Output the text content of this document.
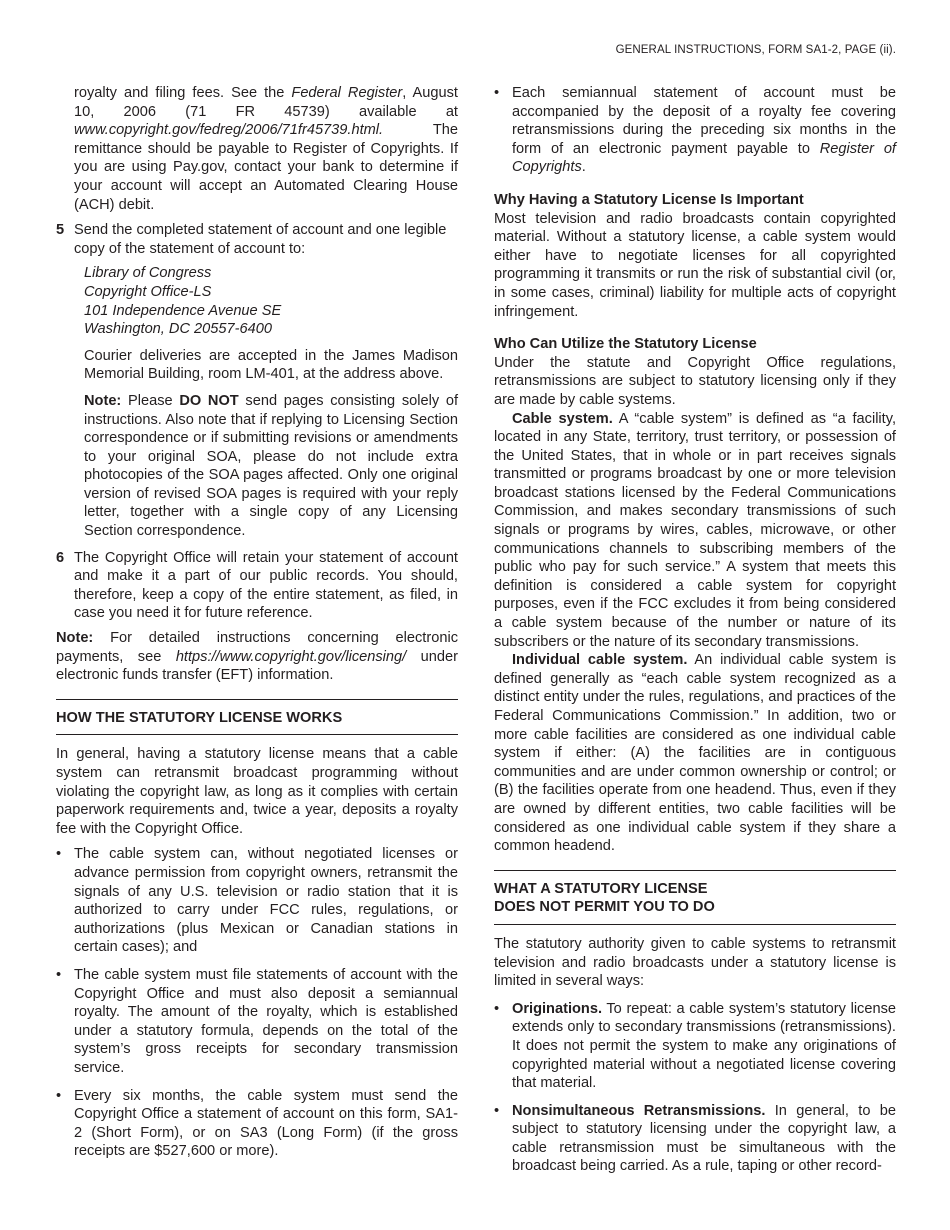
GENERAL INSTRUCTIONS, FORM SA1-2, PAGE (ii).

royalty and filing fees. See the Federal Register, August 10, 2006 (71 FR 45739) available at www.copyright.gov/fedreg/2006/71fr45739.html. The remittance should be payable to Register of Copyrights. If you are using Pay.gov, contact your bank to determine if your account will accept an Automated Clearing House (ACH) debit.

5 Send the completed statement of account and one legible copy of the statement of account to:

Library of Congress
Copyright Office-LS
101 Independence Avenue SE
Washington, DC 20557-6400

Courier deliveries are accepted in the James Madison Memorial Building, room LM-401, at the address above.

Note: Please DO NOT send pages consisting solely of instructions. Also note that if replying to Licensing Section correspondence or if submitting revisions or amendments to your original SOA, please do not include extra photocopies of the SOA pages affected. Only one original version of revised SOA pages is required with your reply letter, together with a single copy of any Licensing Section correspondence.

6 The Copyright Office will retain your statement of account and make it a part of our public records. You should, therefore, keep a copy of the entire statement, as filed, in case you need it for future reference.

Note: For detailed instructions concerning electronic payments, see https://www.copyright.gov/licensing/ under electronic funds transfer (EFT) information.

HOW THE STATUTORY LICENSE WORKS

In general, having a statutory license means that a cable system can retransmit broadcast programming without violating the copyright law, as long as it complies with certain paperwork requirements and, twice a year, deposits a royalty fee with the Copyright Office.

• The cable system can, without negotiated licenses or advance permission from copyright owners, retransmit the signals of any U.S. television or radio station that it is authorized to carry under FCC rules, regulations, or authorizations (plus Mexican or Canadian stations in certain cases); and

• The cable system must file statements of account with the Copyright Office and must also deposit a semiannual royalty. The amount of the royalty, which is established under a statutory formula, depends on the total of the system’s gross receipts for secondary transmission service.

• Every six months, the cable system must send the Copyright Office a statement of account on this form, SA1-2 (Short Form), or on SA3 (Long Form) (if the gross receipts are $527,600 or more).

• Each semiannual statement of account must be accompanied by the deposit of a royalty fee covering retransmissions during the preceding six months in the form of an electronic payment payable to Register of Copyrights.

Why Having a Statutory License Is Important

Most television and radio broadcasts contain copyrighted material. Without a statutory license, a cable system would either have to negotiate licenses for all copyrighted programming it transmits or run the risk of substantial civil (or, in some cases, criminal) liability for multiple acts of copyright infringement.

Who Can Utilize the Statutory License

Under the statute and Copyright Office regulations, retransmissions are subject to statutory licensing only if they are made by cable systems.

Cable system. A “cable system” is defined as “a facility, located in any State, territory, trust territory, or possession of the United States, that in whole or in part receives signals transmitted or programs broadcast by one or more television broadcast stations licensed by the Federal Communications Commission, and makes secondary transmissions of such signals or programs by wires, cables, microwave, or other communications channels to subscribing members of the public who pay for such service.” A system that meets this definition is considered a cable system for copyright purposes, even if the FCC excludes it from being considered a cable system because of the number or nature of its subscribers or the nature of its secondary transmissions.

Individual cable system. An individual cable system is defined generally as “each cable system recognized as a distinct entity under the rules, regulations, and practices of the Federal Communications Commission.” In addition, two or more cable facilities are considered as one individual cable system if either: (A) the facilities are in contiguous communities and are under common ownership or control; or (B) the facilities operate from one headend. Thus, even if they are owned by different entities, two cable facilities will be considered as one individual cable system if they share a common headend.

WHAT A STATUTORY LICENSE
DOES NOT PERMIT YOU TO DO

The statutory authority given to cable systems to retransmit television and radio broadcasts under a statutory license is limited in several ways:

• Originations. To repeat: a cable system’s statutory license extends only to secondary transmissions (retransmissions). It does not permit the system to make any originations of copyrighted material without a negotiated license covering that material.

• Nonsimultaneous Retransmissions. In general, to be subject to statutory licensing under the copyright law, a cable retransmission must be simultaneous with the broadcast being carried. As a rule, taping or other record-
